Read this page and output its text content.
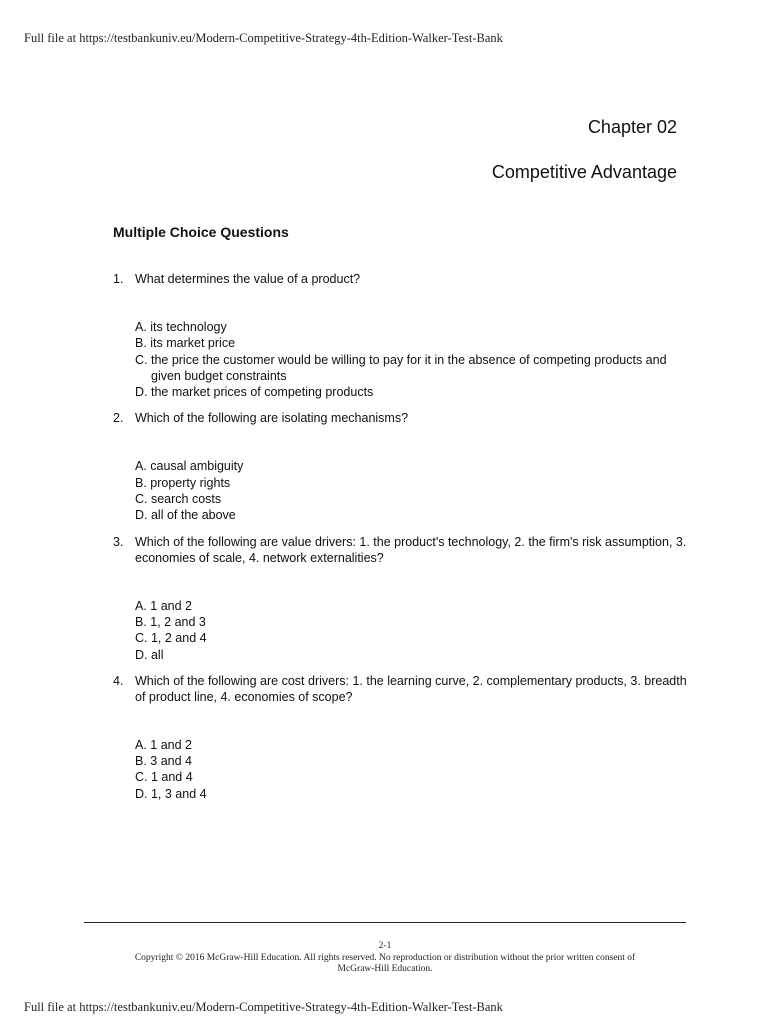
Full file at https://testbankuniv.eu/Modern-Competitive-Strategy-4th-Edition-Walker-Test-Bank
Chapter 02
Competitive Advantage
Multiple Choice Questions
1. What determines the value of a product?
A. its technology
B. its market price
C. the price the customer would be willing to pay for it in the absence of competing products and given budget constraints
D. the market prices of competing products
2. Which of the following are isolating mechanisms?
A. causal ambiguity
B. property rights
C. search costs
D. all of the above
3. Which of the following are value drivers: 1. the product's technology, 2. the firm's risk assumption, 3. economies of scale, 4. network externalities?
A. 1 and 2
B. 1, 2 and 3
C. 1, 2 and 4
D. all
4. Which of the following are cost drivers: 1. the learning curve, 2. complementary products, 3. breadth of product line, 4. economies of scope?
A. 1 and 2
B. 3 and 4
C. 1 and 4
D. 1, 3 and 4
2-1
Copyright © 2016 McGraw-Hill Education. All rights reserved. No reproduction or distribution without the prior written consent of
McGraw-Hill Education.
Full file at https://testbankuniv.eu/Modern-Competitive-Strategy-4th-Edition-Walker-Test-Bank
